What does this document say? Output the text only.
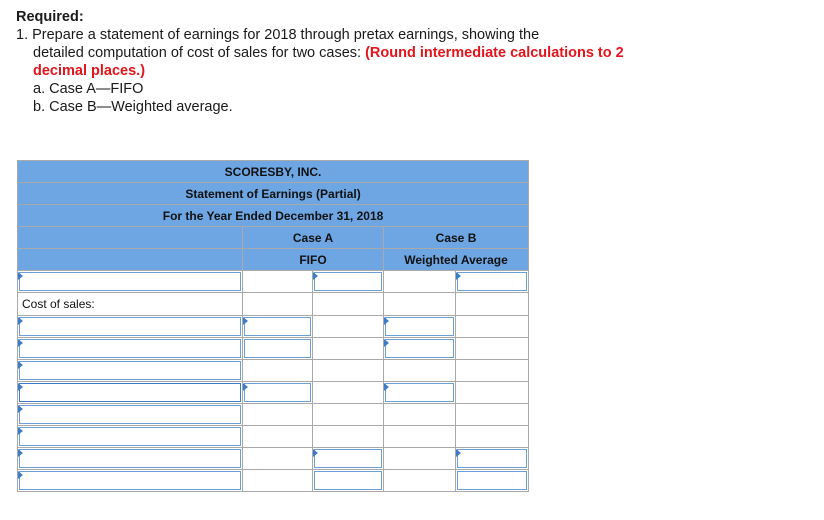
Required:
1. Prepare a statement of earnings for 2018 through pretax earnings, showing the
detailed computation of cost of sales for two cases: (Round intermediate calculations to 2 decimal places.)
a. Case A—FIFO
b. Case B—Weighted average.
SCORESBY, INC.				
Statement of Earnings (Partial)				
For the Year Ended December 31, 2018				
	Case A		Case B	
	FIFO		Weighted Average	

Cost of sales:				
